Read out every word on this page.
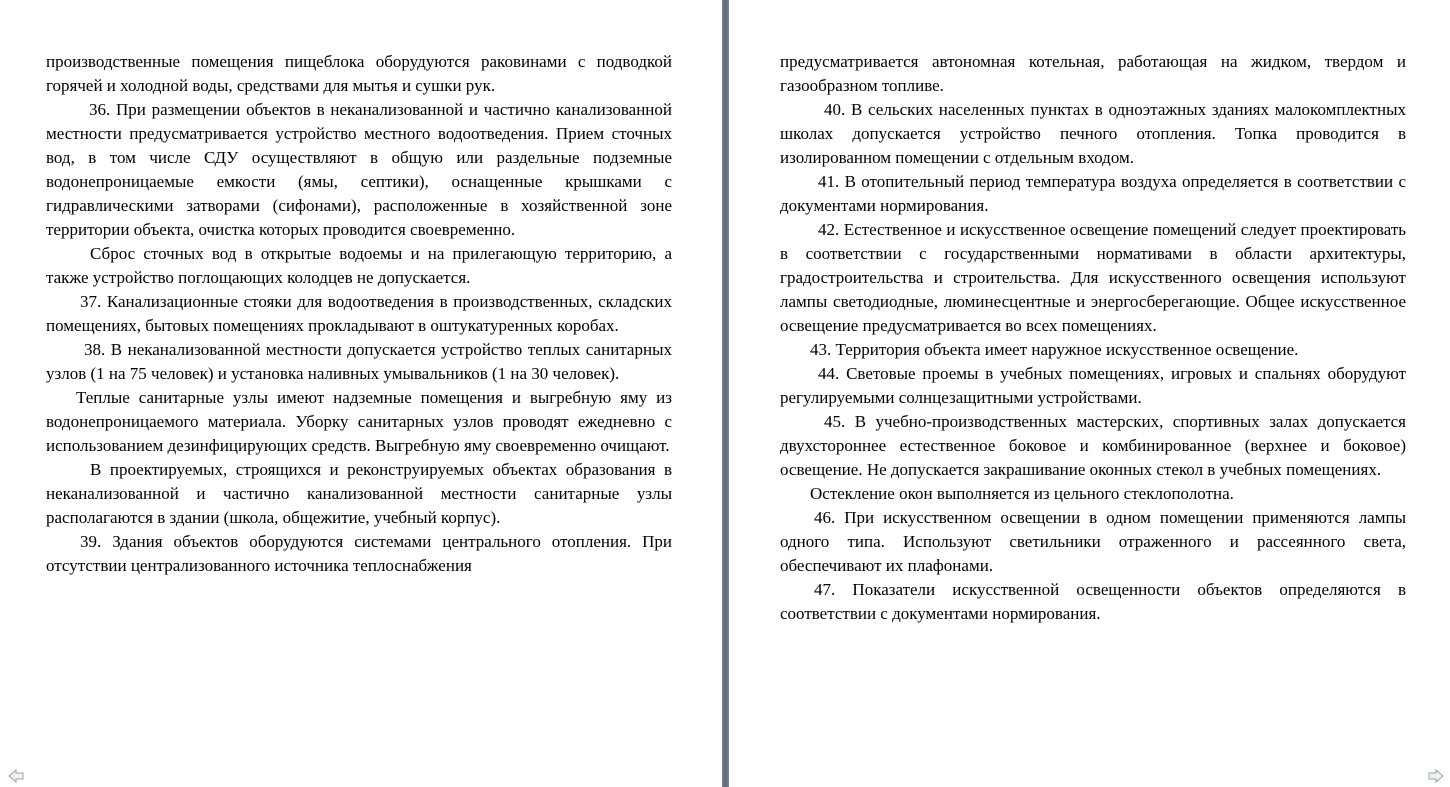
производственные помещения пищеблока оборудуются раковинами с подводкой горячей и холодной воды, средствами для мытья и сушки рук.

36. При размещении объектов в неканализованной и частично канализованной местности предусматривается устройство местного водоотведения. Прием сточных вод, в том числе СДУ осуществляют в общую или раздельные подземные водонепроницаемые емкости (ямы, септики), оснащенные крышками с гидравлическими затворами (сифонами), расположенные в хозяйственной зоне территории объекта, очистка которых проводится своевременно.

Сброс сточных вод в открытые водоемы и на прилегающую территорию, а также устройство поглощающих колодцев не допускается.

37. Канализационные стояки для водоотведения в производственных, складских помещениях, бытовых помещениях прокладывают в оштукатуренных коробах.

38. В неканализованной местности допускается устройство теплых санитарных узлов (1 на 75 человек) и установка наливных умывальников (1 на 30 человек).

Теплые санитарные узлы имеют надземные помещения и выгребную яму из водонепроницаемого материала. Уборку санитарных узлов проводят ежедневно с использованием дезинфицирующих средств. Выгребную яму своевременно очищают.

В проектируемых, строящихся и реконструируемых объектах образования в неканализованной и частично канализованной местности санитарные узлы располагаются в здании (школа, общежитие, учебный корпус).

39. Здания объектов оборудуются системами центрального отопления. При отсутствии централизованного источника теплоснабжения

предусматривается автономная котельная, работающая на жидком, твердом и газообразном топливе.

40. В сельских населенных пунктах в одноэтажных зданиях малокомплектных школах допускается устройство печного отопления. Топка проводится в изолированном помещении с отдельным входом.

41. В отопительный период температура воздуха определяется в соответствии с документами нормирования.

42. Естественное и искусственное освещение помещений следует проектировать в соответствии с государственными нормативами в области архитектуры, градостроительства и строительства. Для искусственного освещения используют лампы светодиодные, люминесцентные и энергосберегающие. Общее искусственное освещение предусматривается во всех помещениях.

43. Территория объекта имеет наружное искусственное освещение.

44. Световые проемы в учебных помещениях, игровых и спальнях оборудуют регулируемыми солнцезащитными устройствами.

45. В учебно-производственных мастерских, спортивных залах допускается двухстороннее естественное боковое и комбинированное (верхнее и боковое) освещение. Не допускается закрашивание оконных стекол в учебных помещениях.

Остекление окон выполняется из цельного стеклополотна.

46. При искусственном освещении в одном помещении применяются лампы одного типа. Используют светильники отраженного и рассеянного света, обеспечивают их плафонами.

47. Показатели искусственной освещенности объектов определяются в соответствии с документами нормирования.
